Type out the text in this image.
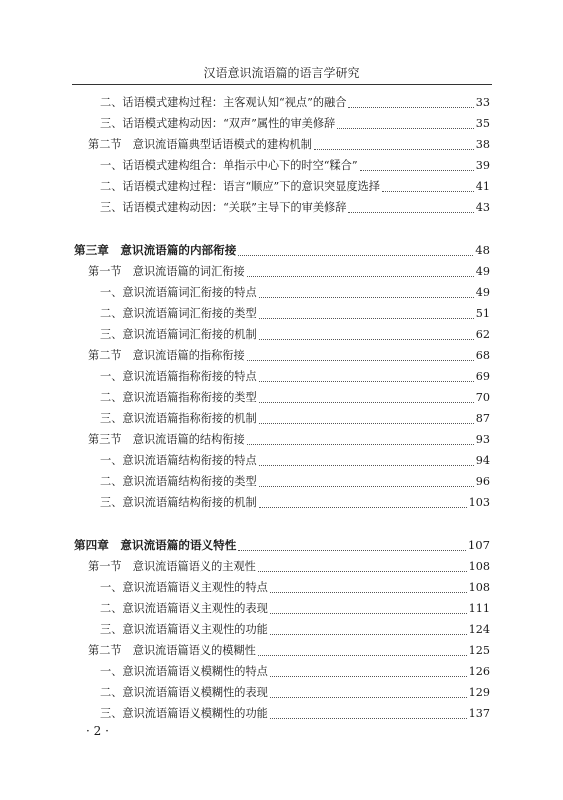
汉语意识流语篇的语言学研究
二、话语模式建构过程：主客观认知“视点”的融合	33
三、话语模式建构动因：“双声”属性的审美修辞	35
第二节　意识流语篇典型话语模式的建构机制	38
一、话语模式建构组合：单指示中心下的时空“糅合”	39
二、话语模式建构过程：语言“顺应”下的意识突显度选择	41
三、话语模式建构动因：“关联”主导下的审美修辞	43
第三章　意识流语篇的内部衔接	48
第一节　意识流语篇的词汇衔接	49
一、意识流语篇词汇衔接的特点	49
二、意识流语篇词汇衔接的类型	51
三、意识流语篇词汇衔接的机制	62
第二节　意识流语篇的指称衔接	68
一、意识流语篇指称衔接的特点	69
二、意识流语篇指称衔接的类型	70
三、意识流语篇指称衔接的机制	87
第三节　意识流语篇的结构衔接	93
一、意识流语篇结构衔接的特点	94
二、意识流语篇结构衔接的类型	96
三、意识流语篇结构衔接的机制	103
第四章　意识流语篇的语义特性	107
第一节　意识流语篇语义的主观性	108
一、意识流语篇语义主观性的特点	108
二、意识流语篇语义主观性的表现	111
三、意识流语篇语义主观性的功能	124
第二节　意识流语篇语义的模糊性	125
一、意识流语篇语义模糊性的特点	126
二、意识流语篇语义模糊性的表现	129
三、意识流语篇语义模糊性的功能	137
· 2 ·
